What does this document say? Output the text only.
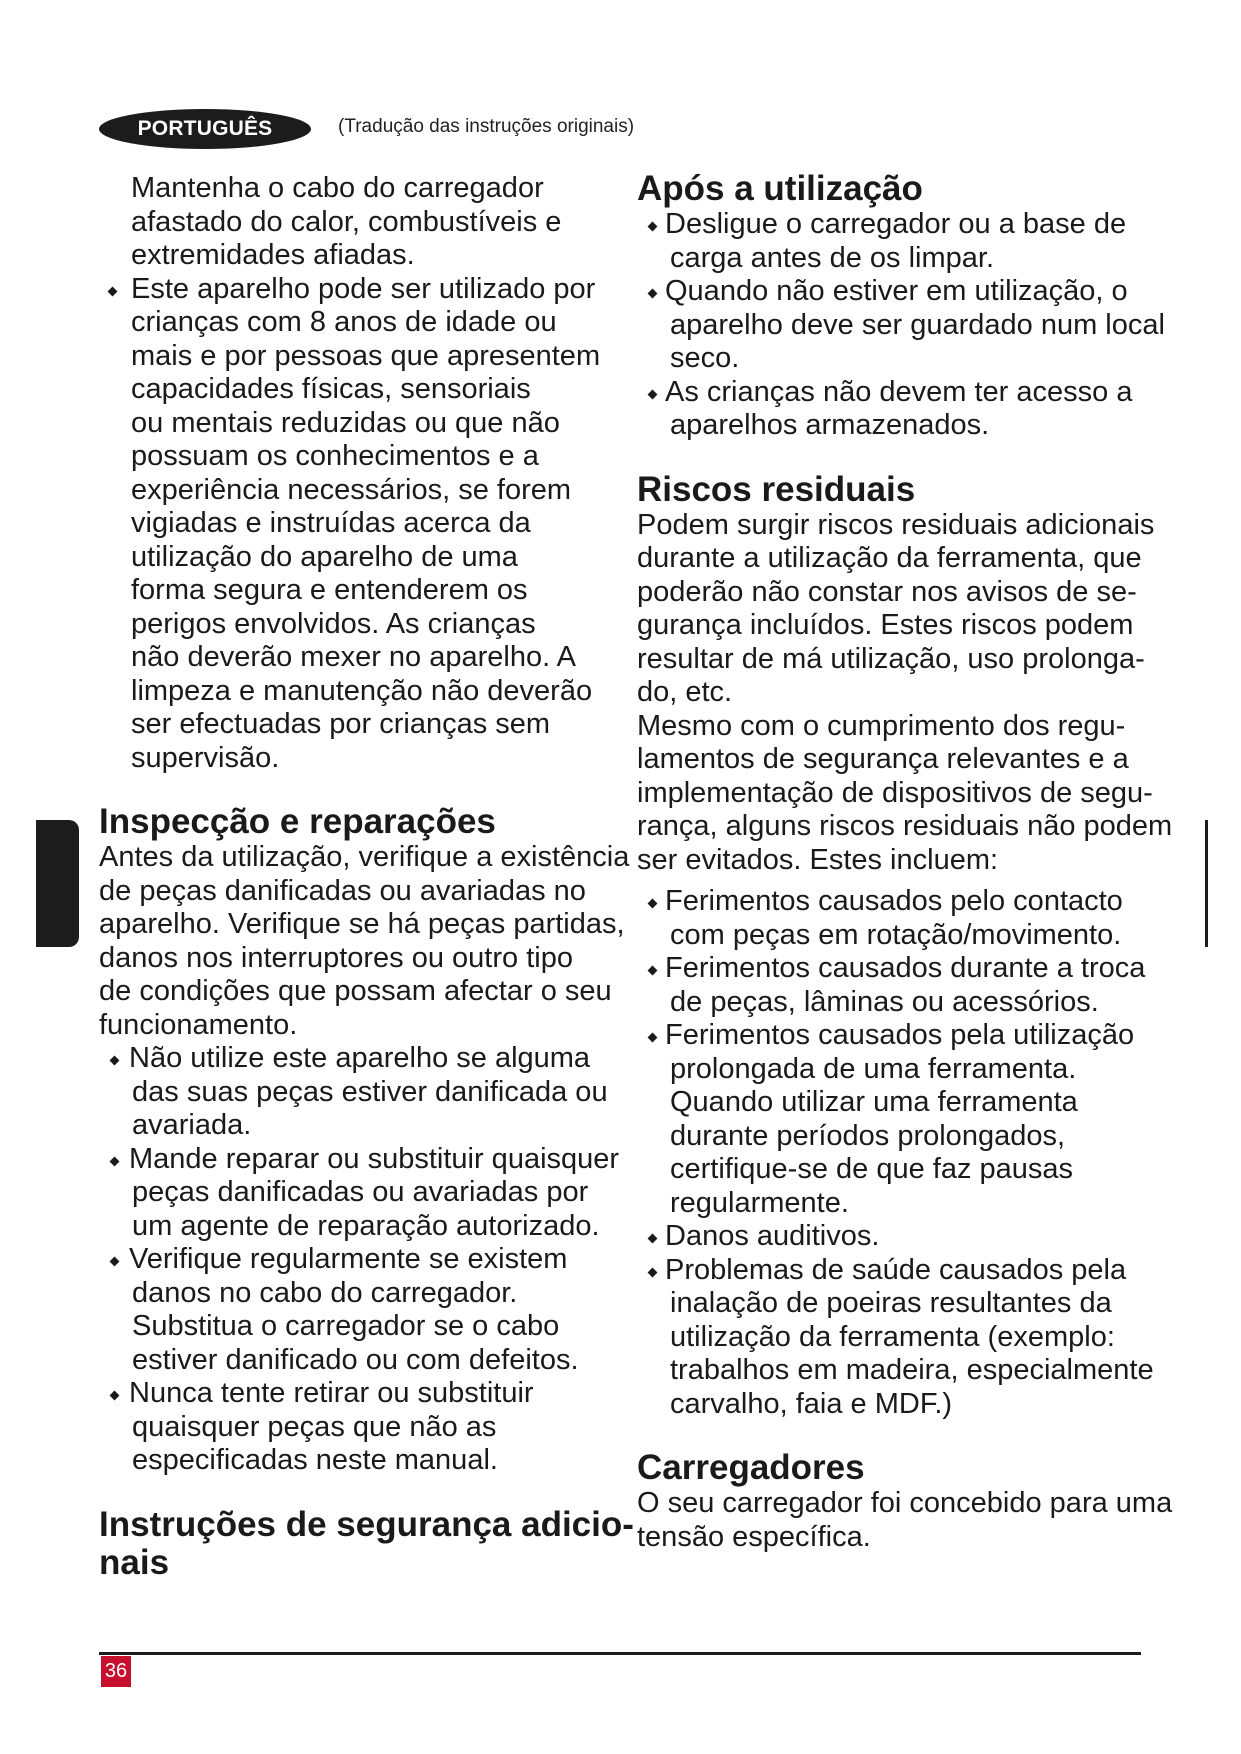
PORTUGUÊS	(Tradução das instruções originais)

Mantenha o cabo do carregador

afastado do calor, combustíveis e

extremidades afiadas.

Este aparelho pode ser utilizado por

crianças com 8 anos de idade ou

mais e por pessoas que apresentem

capacidades físicas, sensoriais

ou mentais reduzidas ou que não

possuam os conhecimentos e a

experiência necessários, se forem

vigiadas e instruídas acerca da

utilização do aparelho de uma

forma segura e entenderem os

perigos envolvidos. As crianças

não deverão mexer no aparelho. A

limpeza e manutenção não deverão

ser efectuadas por crianças sem

supervisão.

Inspecção e reparações

Antes da utilização, verifique a existência

de peças danificadas ou avariadas no

aparelho. Verifique se há peças partidas,

danos nos interruptores ou outro tipo

de condições que possam afectar o seu

funcionamento.

Não utilize este aparelho se alguma

das suas peças estiver danificada ou

avariada.

Mande reparar ou substituir quaisquer

peças danificadas ou avariadas por

um agente de reparação autorizado.

Verifique regularmente se existem

danos no cabo do carregador.

Substitua o carregador se o cabo

estiver danificado ou com defeitos.

Nunca tente retirar ou substituir

quaisquer peças que não as

especificadas neste manual.

Instruções de segurança adicio-
nais
Após a utilização

Desligue o carregador ou a base de

carga antes de os limpar.

Quando não estiver em utilização, o

aparelho deve ser guardado num local

seco.

As crianças não devem ter acesso a

aparelhos armazenados.

Riscos residuais

Podem surgir riscos residuais adicionais

durante a utilização da ferramenta, que

poderão não constar nos avisos de se-

gurança incluídos. Estes riscos podem

resultar de má utilização, uso prolonga-

do, etc.

Mesmo com o cumprimento dos regu-

lamentos de segurança relevantes e a

implementação de dispositivos de segu-

rança, alguns riscos residuais não podem

ser evitados. Estes incluem:

Ferimentos causados pelo contacto

com peças em rotação/movimento.

Ferimentos causados durante a troca

de peças, lâminas ou acessórios.

Ferimentos causados pela utilização

prolongada de uma ferramenta.

Quando utilizar uma ferramenta

durante períodos prolongados,

certifique-se de que faz pausas

regularmente.

Danos auditivos.

Problemas de saúde causados pela

inalação de poeiras resultantes da

utilização da ferramenta (exemplo:

trabalhos em madeira, especialmente

carvalho, faia e MDF.)

Carregadores

O seu carregador foi concebido para uma

tensão específica.

36
